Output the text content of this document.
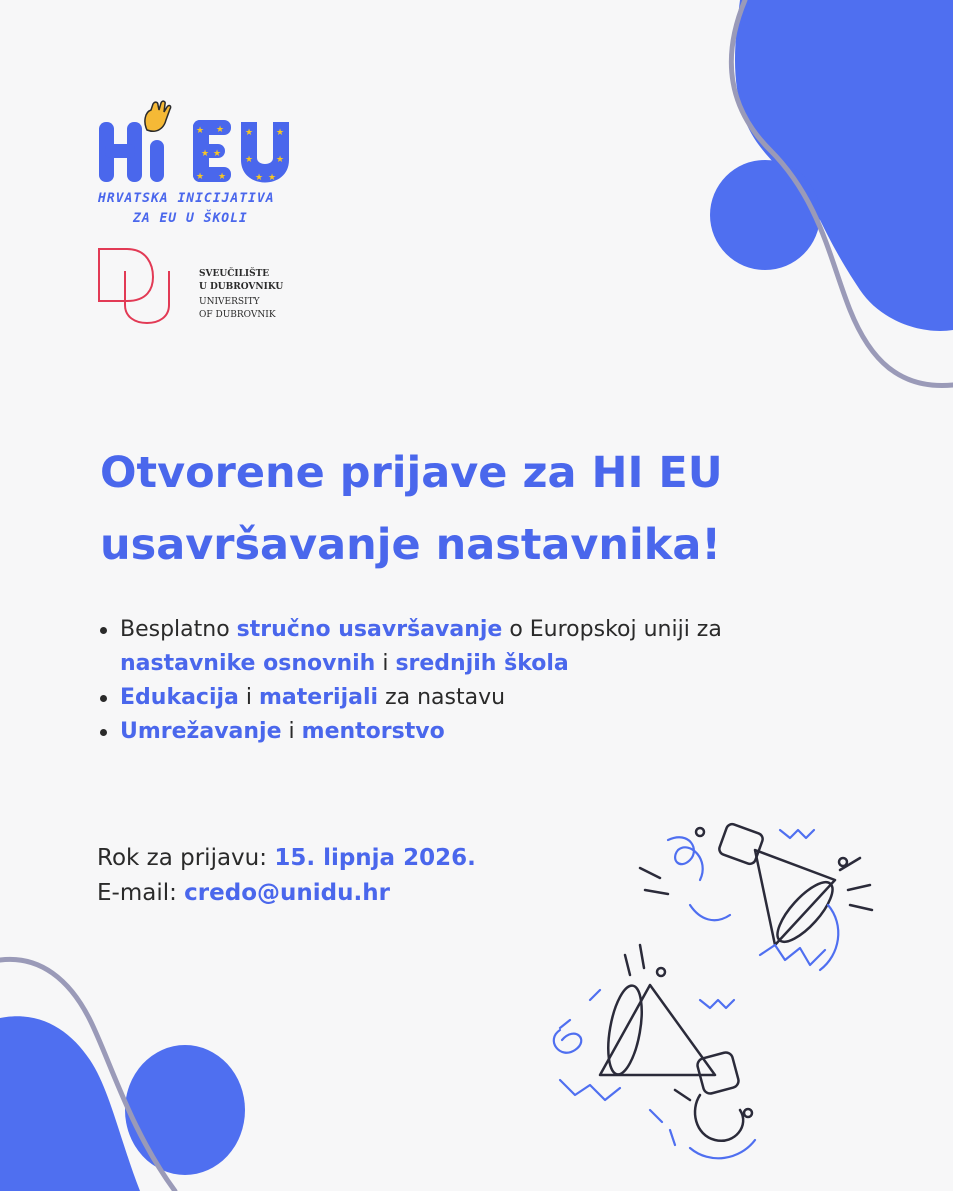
★ ★
★ ★
★ ★
★	★
★	★
★ ★
HRVATSKA INICIJATIVA
ZA EU U ŠKOLI
SVEUČILIŠTE
U DUBROVNIKU
UNIVERSITY
OF DUBROVNIK
Otvorene prijave za HI EU
usavršavanje nastavnika!
Besplatno stručno usavršavanje o Europskoj uniji za
nastavnike osnovnih i srednjih škola
Edukacija i materijali za nastavu
Umrežavanje i mentorstvo
Rok za prijavu: 15. lipnja 2026.
E-mail: credo@unidu.hr
